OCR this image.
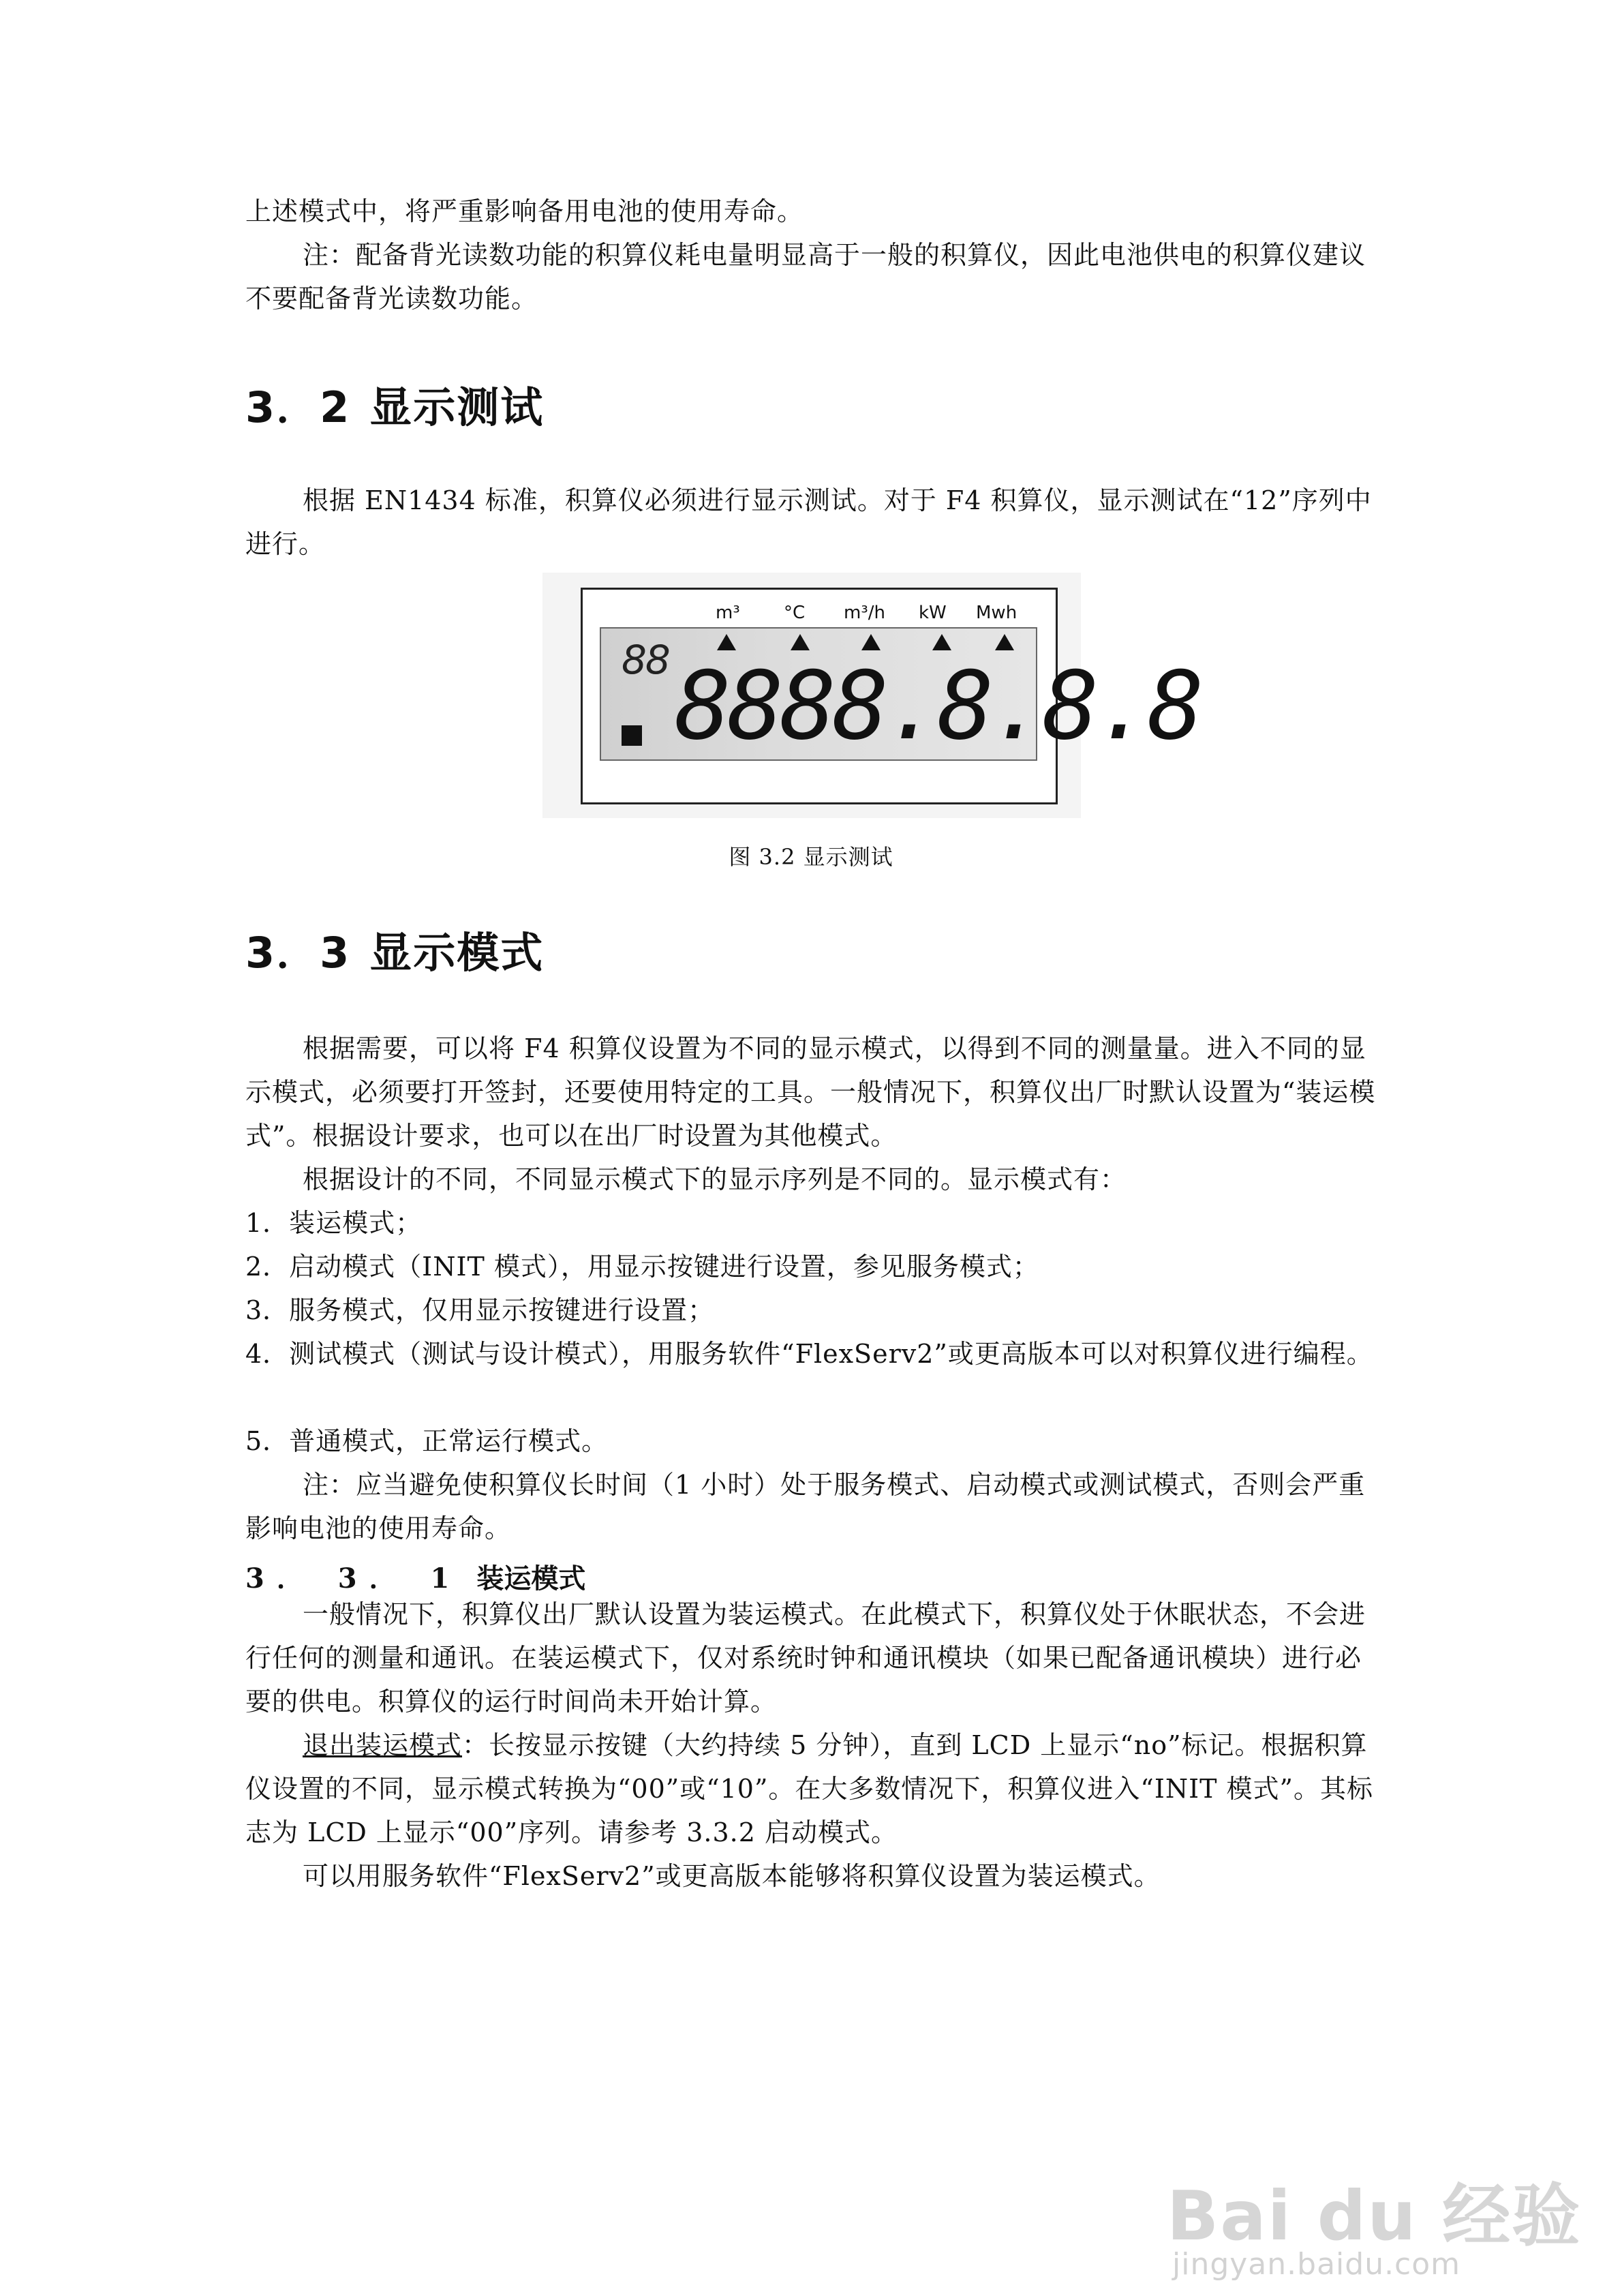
上述模式中，将严重影响备用电池的使用寿命。

注：配备背光读数功能的积算仪耗电量明显高于一般的积算仪，因此电池供电的积算仪建议不要配备背光读数功能。

3．2 显示测试

根据 EN1434 标准，积算仪必须进行显示测试。对于 F4 积算仪，显示测试在“12”序列中进行。

m³ °C m³/h kW Mwh
88 8888.8.8.8
图 3.2 显示测试
3．3 显示模式

根据需要，可以将 F4 积算仪设置为不同的显示模式，以得到不同的测量量。进入不同的显示模式，必须要打开签封，还要使用特定的工具。一般情况下，积算仪出厂时默认设置为“装运模式”。根据设计要求，也可以在出厂时设置为其他模式。

根据设计的不同，不同显示模式下的显示序列是不同的。显示模式有：

1．装运模式；

2．启动模式（INIT 模式），用显示按键进行设置，参见服务模式；

3．服务模式，仅用显示按键进行设置；

4．测试模式（测试与设计模式），用服务软件“FlexServ2”或更高版本可以对积算仪进行编程。

5．普通模式，正常运行模式。

注：应当避免使积算仪长时间（1 小时）处于服务模式、启动模式或测试模式，否则会严重影响电池的使用寿命。

3． 3． 1 装运模式

一般情况下，积算仪出厂默认设置为装运模式。在此模式下，积算仪处于休眠状态，不会进行任何的测量和通讯。在装运模式下，仅对系统时钟和通讯模块（如果已配备通讯模块）进行必要的供电。积算仪的运行时间尚未开始计算。

退出装运模式：长按显示按键（大约持续 5 分钟），直到 LCD 上显示“no”标记。根据积算仪设置的不同，显示模式转换为“00”或“10”。在大多数情况下，积算仪进入“INIT 模式”。其标志为 LCD 上显示“00”序列。请参考 3.3.2 启动模式。

可以用服务软件“FlexServ2”或更高版本能够将积算仪设置为装运模式。

Bai du 经验
jingyan.baidu.com
